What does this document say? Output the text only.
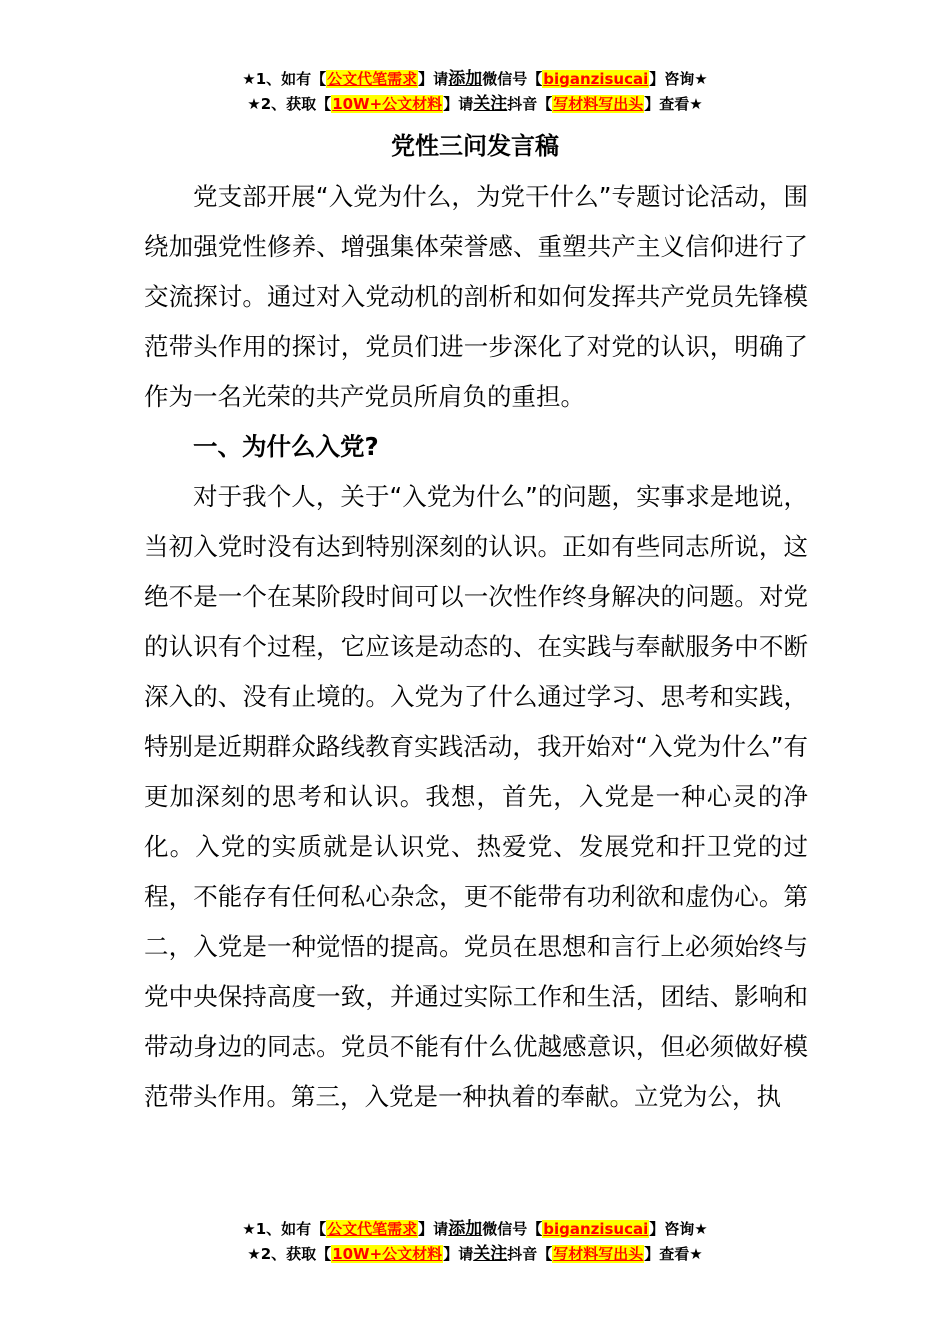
★1、如有【公文代笔需求】请添加微信号【biganzisucai】咨询★
★2、获取【10W+公文材料】请关注抖音【写材料写出头】查看★
党性三问发言稿

党支部开展“入党为什么，为党干什么”专题讨论活动，围绕加强党性修养、增强集体荣誉感、重塑共产主义信仰进行了交流探讨。通过对入党动机的剖析和如何发挥共产党员先锋模范带头作用的探讨，党员们进一步深化了对党的认识，明确了作为一名光荣的共产党员所肩负的重担。

一、为什么入党?

对于我个人，关于“入党为什么”的问题，实事求是地说，当初入党时没有达到特别深刻的认识。正如有些同志所说，这绝不是一个在某阶段时间可以一次性作终身解决的问题。对党的认识有个过程，它应该是动态的、在实践与奉献服务中不断深入的、没有止境的。入党为了什么通过学习、思考和实践，特别是近期群众路线教育实践活动，我开始对“入党为什么”有更加深刻的思考和认识。我想，首先，入党是一种心灵的净化。入党的实质就是认识党、热爱党、发展党和扞卫党的过程，不能存有任何私心杂念，更不能带有功利欲和虚伪心。第二，入党是一种觉悟的提高。党员在思想和言行上必须始终与党中央保持高度一致，并通过实际工作和生活，团结、影响和带动身边的同志。党员不能有什么优越感意识，但必须做好模范带头作用。第三，入党是一种执着的奉献。立党为公，执

★1、如有【公文代笔需求】请添加微信号【biganzisucai】咨询★
★2、获取【10W+公文材料】请关注抖音【写材料写出头】查看★
